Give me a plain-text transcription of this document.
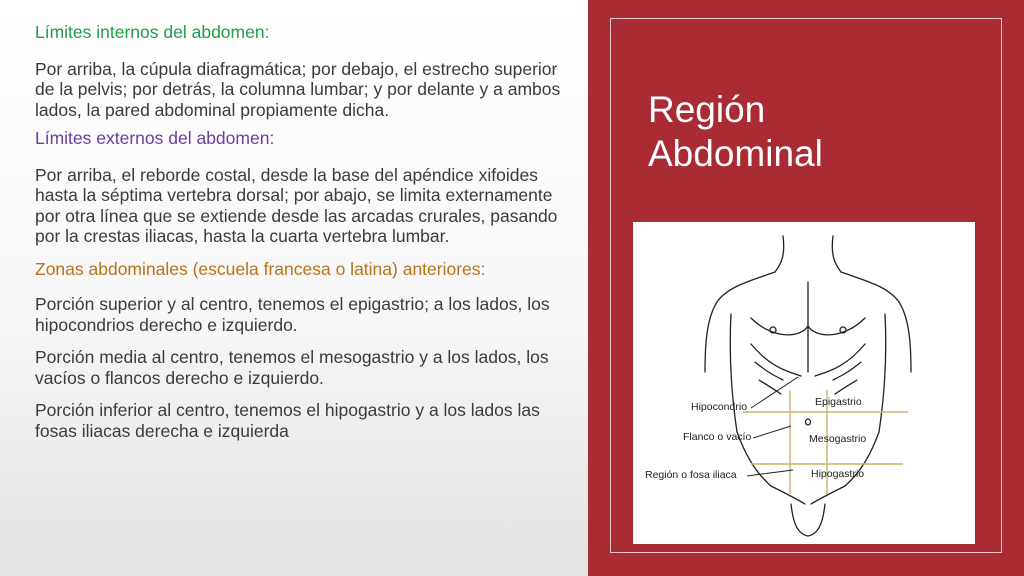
Límites internos del abdomen:

Por arriba, la cúpula diafragmática; por debajo, el estrecho superior de la pelvis; por detrás, la columna lumbar; y por delante y a ambos lados, la pared abdominal propiamente dicha.

Límites externos del abdomen:

Por arriba, el reborde costal, desde la base del apéndice xifoides hasta la séptima vertebra dorsal; por abajo, se limita externamente por otra línea que se extiende desde las arcadas crurales, pasando por la crestas iliacas, hasta la cuarta vertebra lumbar.

Zonas abdominales (escuela francesa o latina) anteriores:

Porción superior y al centro, tenemos el epigastrio; a los lados, los hipocondrios derecho e izquierdo.

Porción media al centro, tenemos el mesogastrio y a los lados, los vacíos o flancos derecho e izquierdo.

Porción inferior al centro, tenemos el hipogastrio y a los lados las fosas iliacas derecha e izquierda

Región
Abdominal
Hipocondrio
Flanco o vacío
Región o fosa iliaca
Epigastrio
Mesogastrio
Hipogastrio
